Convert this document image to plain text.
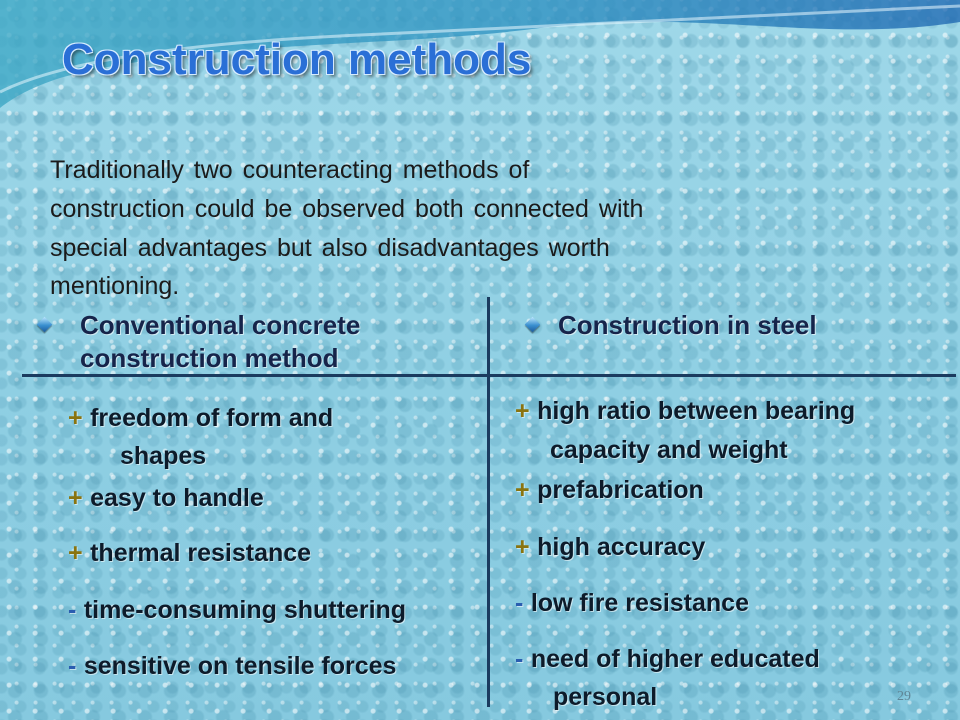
Construction methods
Traditionally two counteracting methods of
construction could be observed both connected with
special advantages but also disadvantages worth
mentioning.
Conventional concrete
construction method
Construction in steel
+ freedom of form and
shapes
+ easy to handle
+ thermal resistance
- time-consuming shuttering
- sensitive on tensile forces
+ high ratio between bearing
capacity and weight
+ prefabrication
+ high accuracy
- low fire resistance
- need of higher educated
personal	29
